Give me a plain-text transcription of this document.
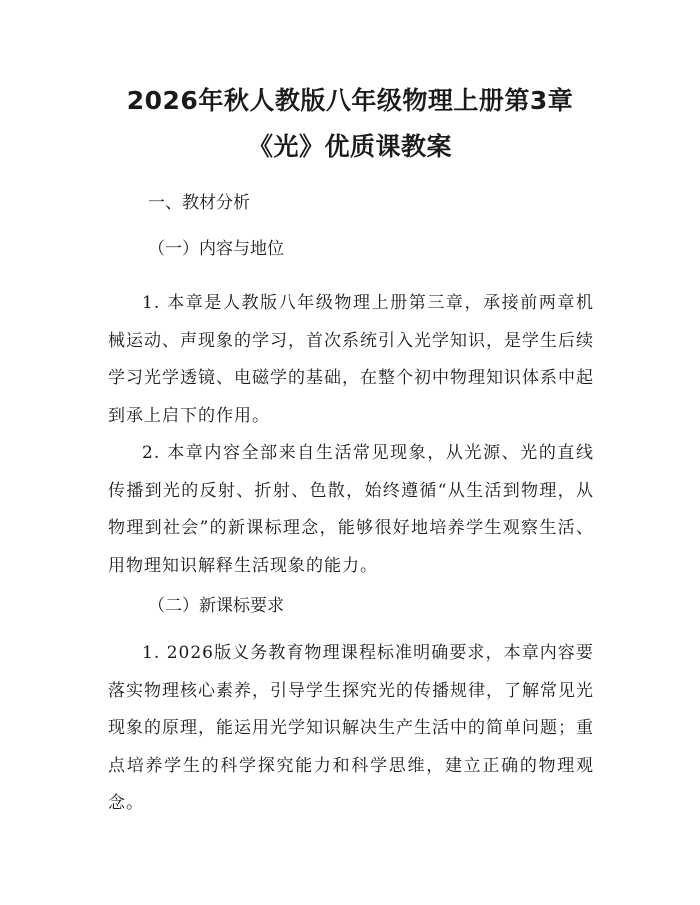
2026年秋人教版八年级物理上册第3章
《光》优质课教案
一、教材分析
（一）内容与地位
1. 本章是人教版八年级物理上册第三章，承接前两章机械运动、声现象的学习，首次系统引入光学知识，是学生后续学习光学透镜、电磁学的基础，在整个初中物理知识体系中起到承上启下的作用。
2. 本章内容全部来自生活常见现象，从光源、光的直线传播到光的反射、折射、色散，始终遵循“从生活到物理，从物理到社会”的新课标理念，能够很好地培养学生观察生活、用物理知识解释生活现象的能力。
（二）新课标要求
1. 2026版义务教育物理课程标准明确要求，本章内容要落实物理核心素养，引导学生探究光的传播规律，了解常见光现象的原理，能运用光学知识解决生产生活中的简单问题；重点培养学生的科学探究能力和科学思维，建立正确的物理观念。
